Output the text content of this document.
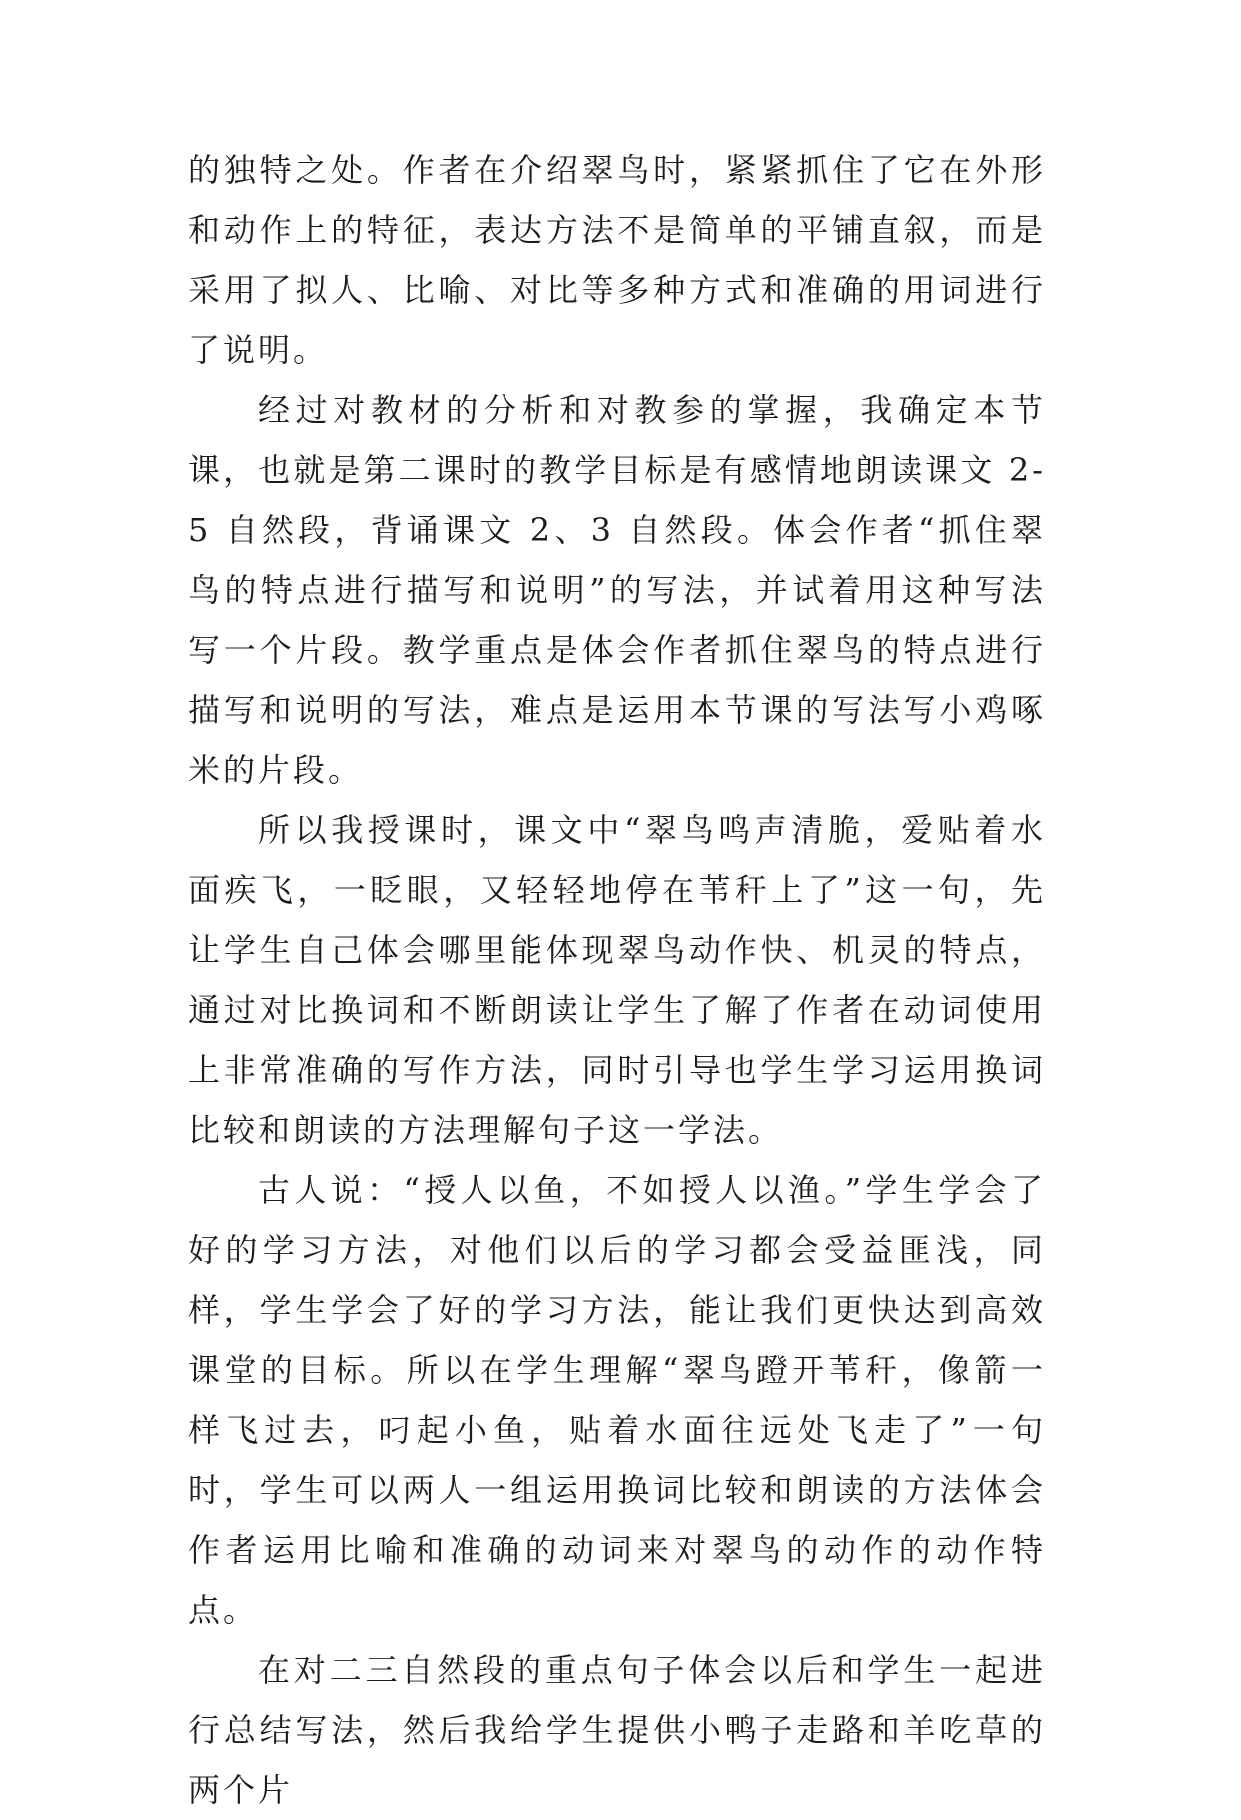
的独特之处。作者在介绍翠鸟时，紧紧抓住了它在外形和动作上的特征，表达方法不是简单的平铺直叙，而是采用了拟人、比喻、对比等多种方式和准确的用词进行了说明。

经过对教材的分析和对教参的掌握，我确定本节课，也就是第二课时的教学目标是有感情地朗读课文 2-5 自然段，背诵课文 2、3 自然段。体会作者“抓住翠鸟的特点进行描写和说明”的写法，并试着用这种写法写一个片段。教学重点是体会作者抓住翠鸟的特点进行描写和说明的写法，难点是运用本节课的写法写小鸡啄米的片段。

所以我授课时，课文中“翠鸟鸣声清脆，爱贴着水面疾飞，一眨眼，又轻轻地停在苇秆上了”这一句，先让学生自己体会哪里能体现翠鸟动作快、机灵的特点，通过对比换词和不断朗读让学生了解了作者在动词使用上非常准确的写作方法，同时引导也学生学习运用换词比较和朗读的方法理解句子这一学法。

古人说：“授人以鱼，不如授人以渔。”学生学会了好的学习方法，对他们以后的学习都会受益匪浅，同样，学生学会了好的学习方法，能让我们更快达到高效课堂的目标。所以在学生理解“翠鸟蹬开苇秆，像箭一样飞过去，叼起小鱼，贴着水面往远处飞走了”一句时，学生可以两人一组运用换词比较和朗读的方法体会作者运用比喻和准确的动词来对翠鸟的动作的动作特点。

在对二三自然段的重点句子体会以后和学生一起进行总结写法，然后我给学生提供小鸭子走路和羊吃草的两个片
